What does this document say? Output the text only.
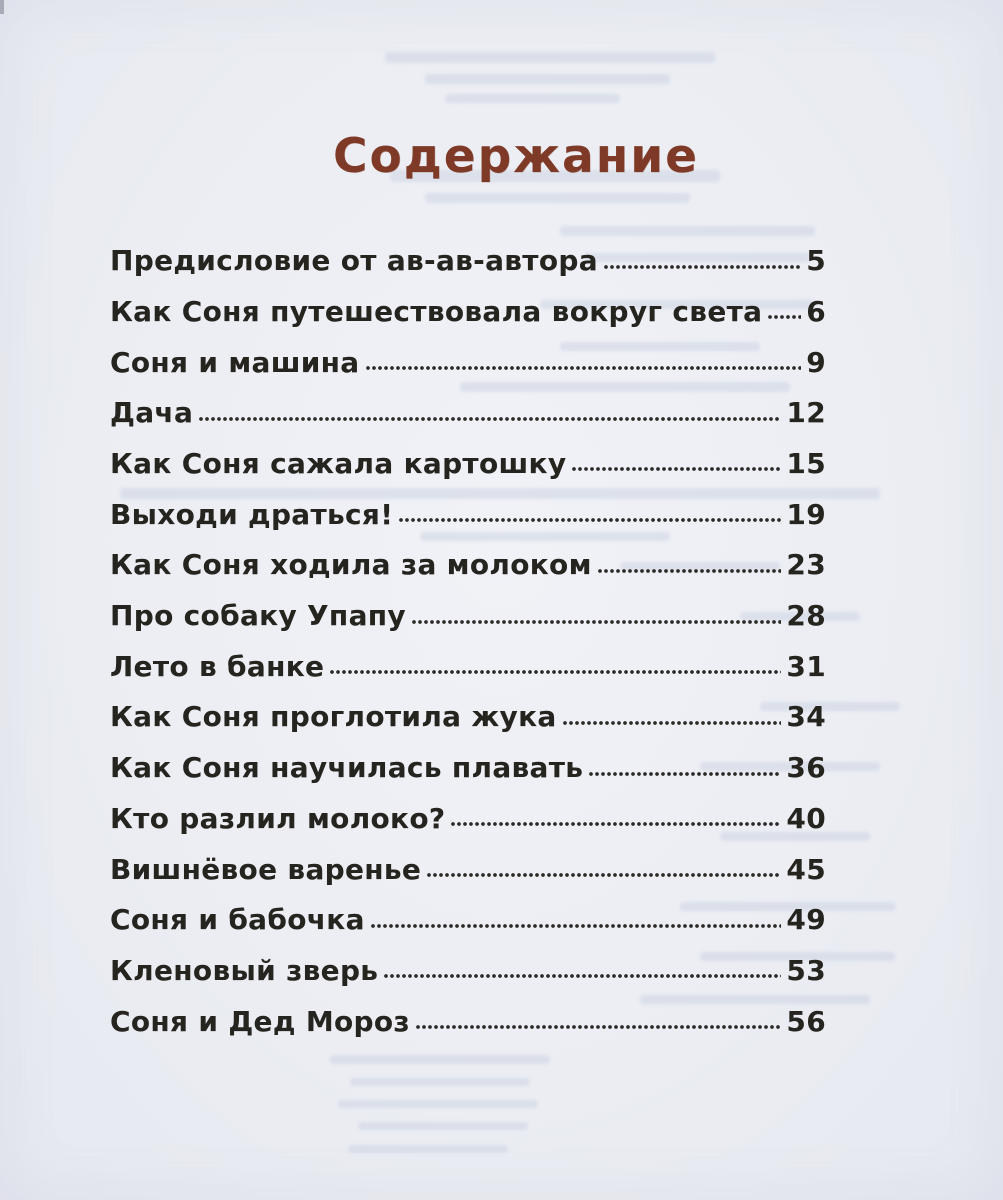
Содержание
Предисловие от ав-ав-автора	5
Как Соня путешествовала вокруг света 6
Соня и машина	9
Дача	12
Как Соня сажала картошку	15
Выходи драться!	19
Как Соня ходила за молоком	23
Про собаку Упапу	28
Лето в банке	31
Как Соня проглотила жука	34
Как Соня научилась плавать	36
Кто разлил молоко?	40
Вишнёвое варенье	45
Соня и бабочка	49
Кленовый зверь	53
Соня и Дед Мороз	56
